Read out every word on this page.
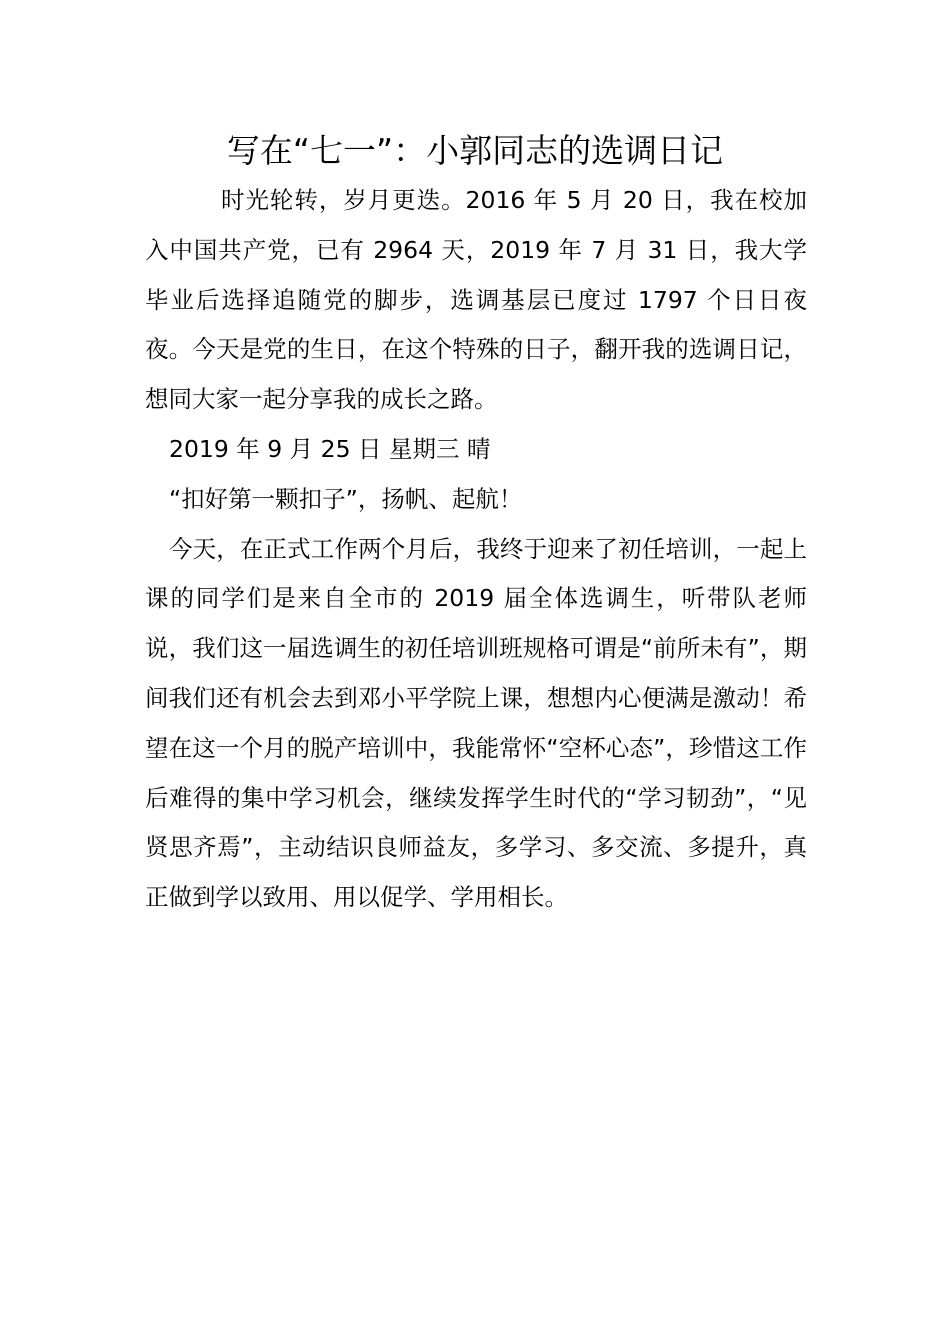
写在“七一”：小郭同志的选调日记

时光轮转，岁月更迭。2016 年 5 月 20 日，我在校加入中国共产党，已有 2964 天，2019 年 7 月 31 日，我大学毕业后选择追随党的脚步，选调基层已度过 1797 个日日夜夜。今天是党的生日，在这个特殊的日子，翻开我的选调日记，想同大家一起分享我的成长之路。

2019 年 9 月 25 日 星期三 晴

“扣好第一颗扣子”，扬帆、起航！

今天，在正式工作两个月后，我终于迎来了初任培训，一起上课的同学们是来自全市的 2019 届全体选调生，听带队老师说，我们这一届选调生的初任培训班规格可谓是“前所未有”，期间我们还有机会去到邓小平学院上课，想想内心便满是激动！希望在这一个月的脱产培训中，我能常怀“空杯心态”，珍惜这工作后难得的集中学习机会，继续发挥学生时代的“学习韧劲”，“见贤思齐焉”，主动结识良师益友，多学习、多交流、多提升，真正做到学以致用、用以促学、学用相长。
